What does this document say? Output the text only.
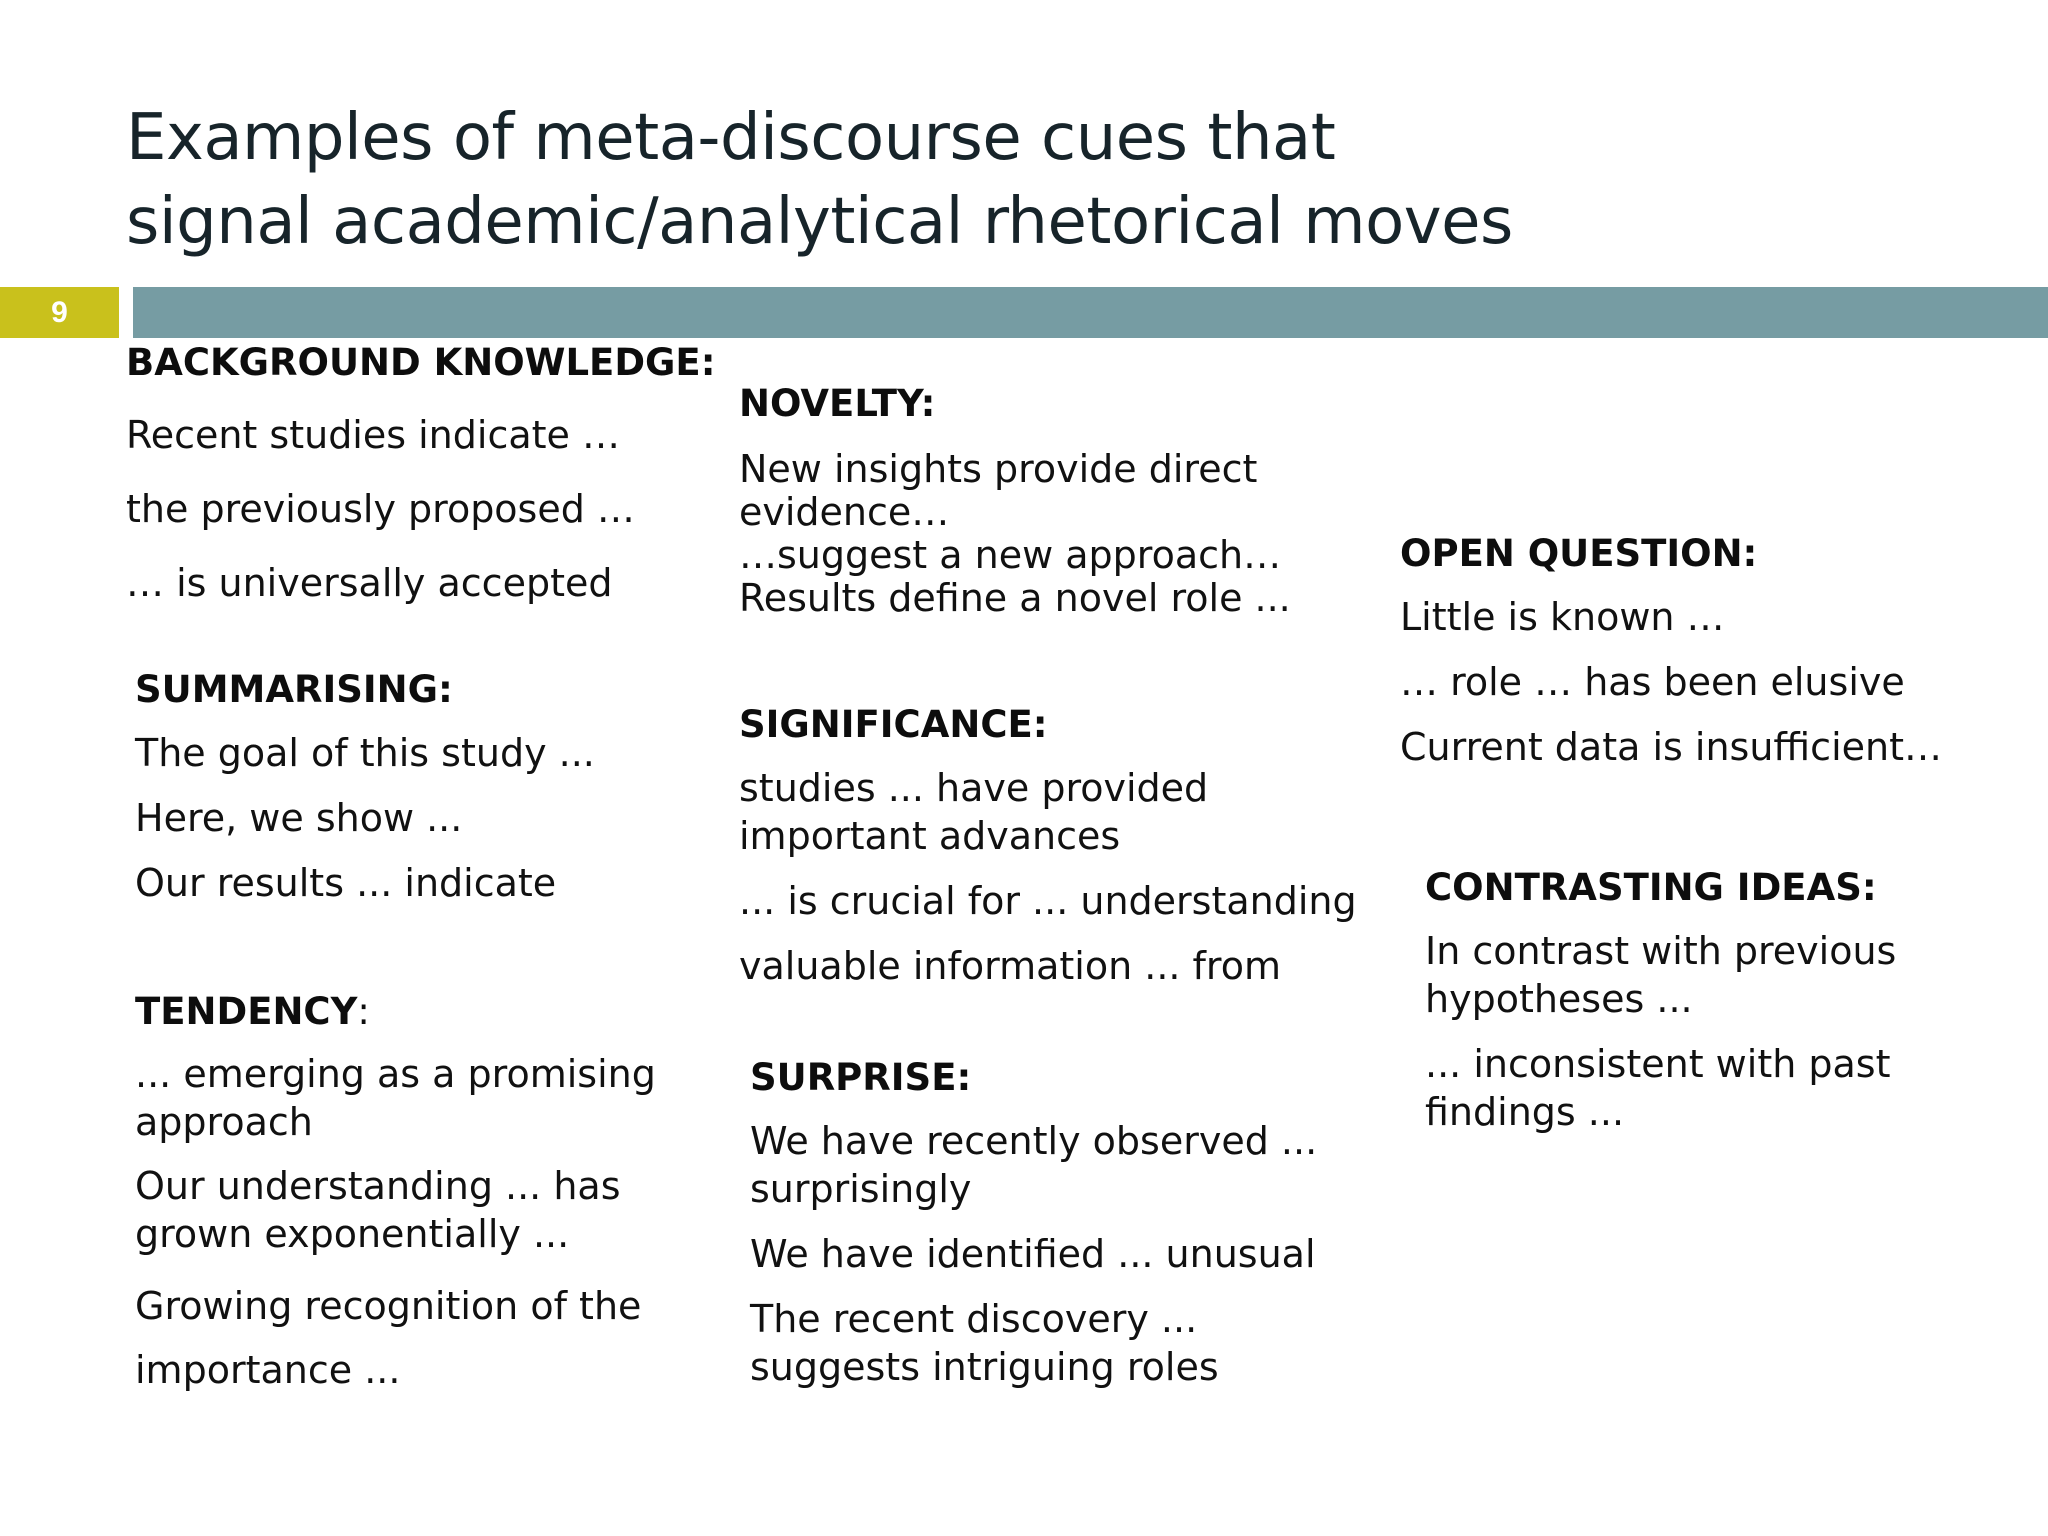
Examples of meta-discourse cues that
signal academic/analytical rhetorical moves
9
BACKGROUND KNOWLEDGE:
Recent studies indicate …
the previously proposed …
… is universally accepted
SUMMARISING:
The goal of this study ...
Here, we show ...
Our results ... indicate
TENDENCY:
... emerging as a promising approach
Our understanding ... has grown exponentially ...
Growing recognition of the importance ...
NOVELTY:
New insights provide direct evidence…
…suggest a new approach…
Results define a novel role ...
SIGNIFICANCE:
studies ... have provided important advances
... is crucial for ... understanding
valuable information ... from
SURPRISE:
We have recently observed ... surprisingly
We have identified ... unusual
The recent discovery ... suggests intriguing roles
OPEN QUESTION:
Little is known …
… role … has been elusive
Current data is insufficient…
CONTRASTING IDEAS:
In contrast with previous hypotheses ...
... inconsistent with past findings ...
